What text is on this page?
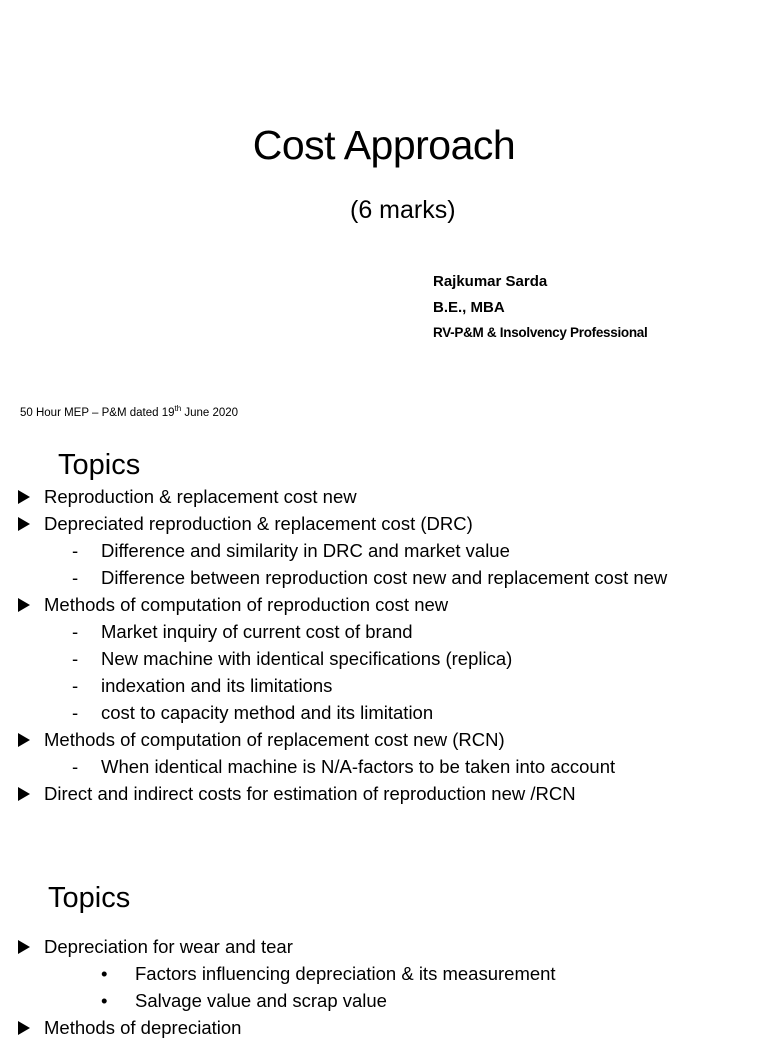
Cost Approach
(6 marks)
Rajkumar Sarda
B.E., MBA
RV-P&M & Insolvency Professional
50 Hour MEP – P&M dated 19th June 2020
Topics
Reproduction & replacement cost new
Depreciated reproduction & replacement cost (DRC)
- Difference and similarity in DRC and market value
- Difference between reproduction cost new and replacement cost new
Methods of computation of reproduction cost new
- Market inquiry of current cost of brand
- New machine with identical specifications (replica)
- indexation and its limitations
- cost to capacity method and its limitation
Methods of computation of replacement cost new (RCN)
- When identical machine is N/A-factors to be taken into account
Direct and indirect costs for estimation of reproduction new /RCN
Topics
Depreciation for wear and tear
• Factors influencing depreciation & its measurement
• Salvage value and scrap value
Methods of depreciation
